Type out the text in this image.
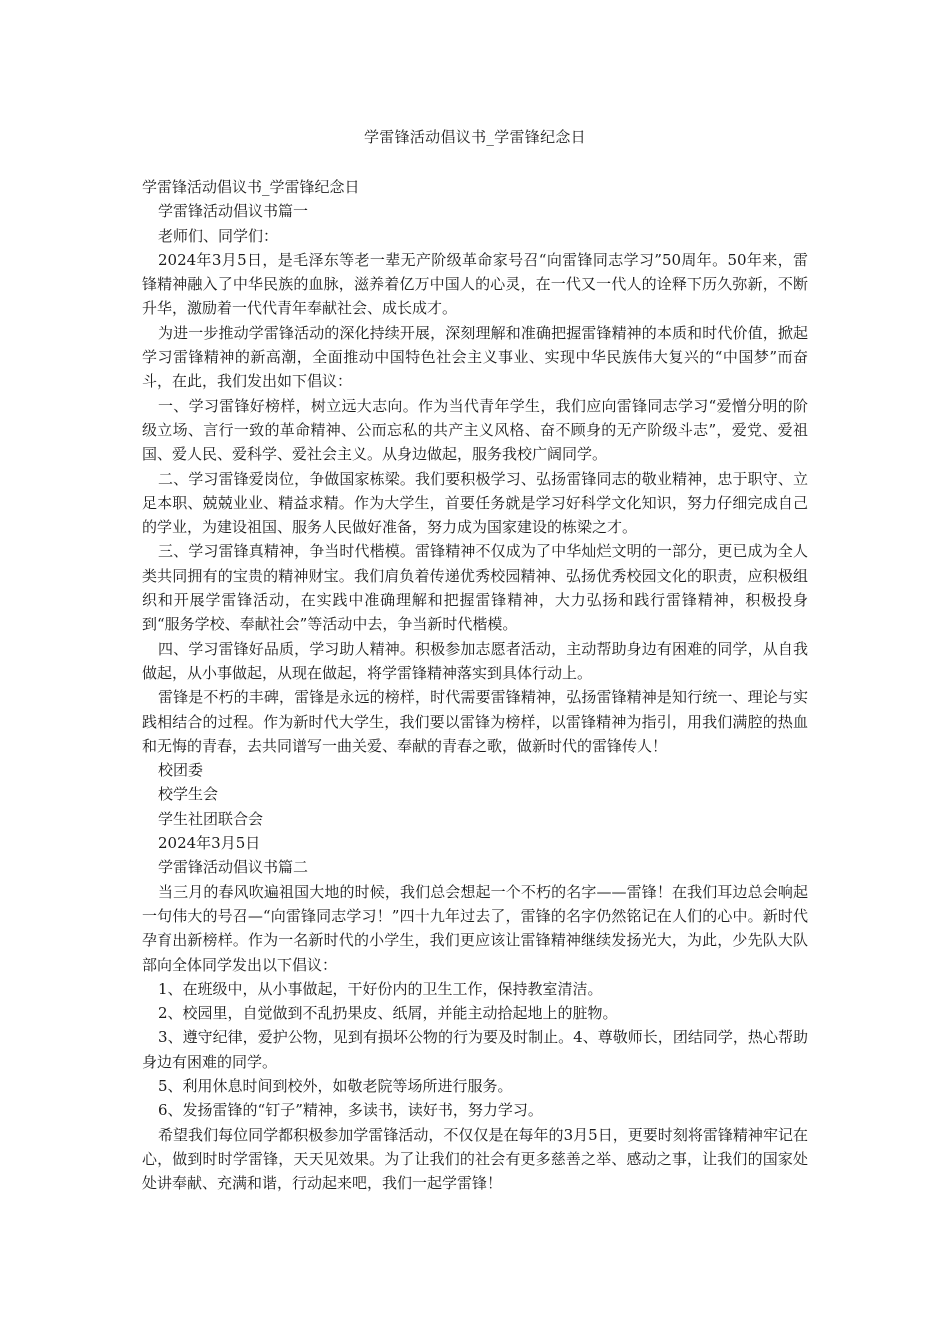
学雷锋活动倡议书_学雷锋纪念日

学雷锋活动倡议书_学雷锋纪念日

学雷锋活动倡议书篇一

老师们、同学们：

2024年3月5日，是毛泽东等老一辈无产阶级革命家号召“向雷锋同志学习”50周年。50年来，雷锋精神融入了中华民族的血脉，滋养着亿万中国人的心灵，在一代又一代人的诠释下历久弥新，不断升华，激励着一代代青年奉献社会、成长成才。

为进一步推动学雷锋活动的深化持续开展，深刻理解和准确把握雷锋精神的本质和时代价值，掀起学习雷锋精神的新高潮，全面推动中国特色社会主义事业、实现中华民族伟大复兴的“中国梦”而奋斗，在此，我们发出如下倡议：

一、学习雷锋好榜样，树立远大志向。作为当代青年学生，我们应向雷锋同志学习“爱憎分明的阶级立场、言行一致的革命精神、公而忘私的共产主义风格、奋不顾身的无产阶级斗志”，爱党、爱祖国、爱人民、爱科学、爱社会主义。从身边做起，服务我校广阔同学。

二、学习雷锋爱岗位，争做国家栋梁。我们要积极学习、弘扬雷锋同志的敬业精神，忠于职守、立足本职、兢兢业业、精益求精。作为大学生，首要任务就是学习好科学文化知识，努力仔细完成自己的学业，为建设祖国、服务人民做好准备，努力成为国家建设的栋梁之才。

三、学习雷锋真精神，争当时代楷模。雷锋精神不仅成为了中华灿烂文明的一部分，更已成为全人类共同拥有的宝贵的精神财宝。我们肩负着传递优秀校园精神、弘扬优秀校园文化的职责，应积极组织和开展学雷锋活动，在实践中准确理解和把握雷锋精神，大力弘扬和践行雷锋精神，积极投身到“服务学校、奉献社会”等活动中去，争当新时代楷模。

四、学习雷锋好品质，学习助人精神。积极参加志愿者活动，主动帮助身边有困难的同学，从自我做起，从小事做起，从现在做起，将学雷锋精神落实到具体行动上。

雷锋是不朽的丰碑，雷锋是永远的榜样，时代需要雷锋精神，弘扬雷锋精神是知行统一、理论与实践相结合的过程。作为新时代大学生，我们要以雷锋为榜样，以雷锋精神为指引，用我们满腔的热血和无悔的青春，去共同谱写一曲关爱、奉献的青春之歌，做新时代的雷锋传人！

校团委

校学生会

学生社团联合会

2024年3月5日

学雷锋活动倡议书篇二

当三月的春风吹遍祖国大地的时候，我们总会想起一个不朽的名字——雷锋！在我们耳边总会响起一句伟大的号召—“向雷锋同志学习！”四十九年过去了，雷锋的名字仍然铭记在人们的心中。新时代孕育出新榜样。作为一名新时代的小学生，我们更应该让雷锋精神继续发扬光大，为此，少先队大队部向全体同学发出以下倡议：

1、在班级中，从小事做起，干好份内的卫生工作，保持教室清洁。

2、校园里，自觉做到不乱扔果皮、纸屑，并能主动拾起地上的脏物。

3、遵守纪律，爱护公物，见到有损坏公物的行为要及时制止。4、尊敬师长，团结同学，热心帮助身边有困难的同学。

5、利用休息时间到校外，如敬老院等场所进行服务。

6、发扬雷锋的“钉子”精神，多读书，读好书，努力学习。

希望我们每位同学都积极参加学雷锋活动，不仅仅是在每年的3月5日，更要时刻将雷锋精神牢记在心，做到时时学雷锋，天天见效果。为了让我们的社会有更多慈善之举、感动之事，让我们的国家处处讲奉献、充满和谐，行动起来吧，我们一起学雷锋！
